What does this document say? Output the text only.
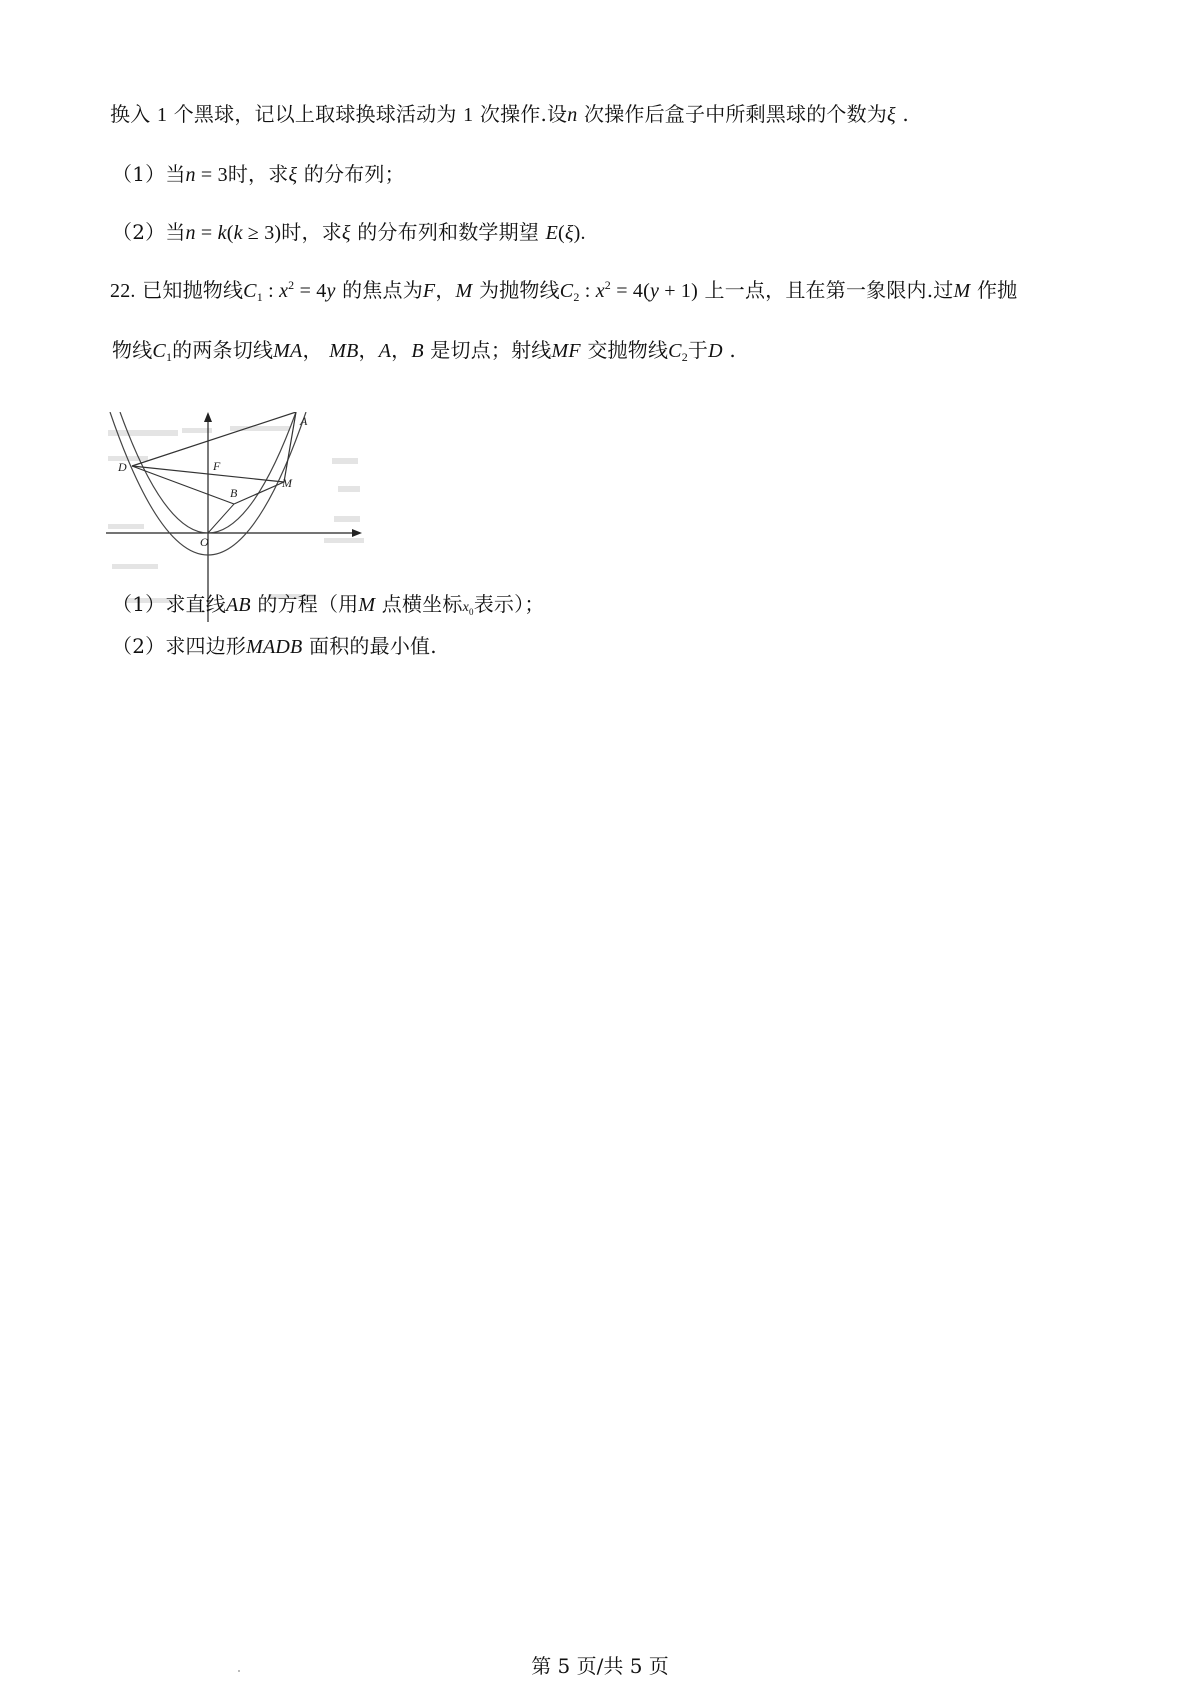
换入 1 个黑球，记以上取球换球活动为 1 次操作.设n 次操作后盒子中所剩黑球的个数为ξ .
（1）当n = 3时，求ξ 的分布列；
（2）当n = k(k ≥ 3)时，求ξ 的分布列和数学期望 E(ξ).
22. 已知抛物线$C_1$ : $x^2 = 4y$ 的焦点为F，M 为抛物线$C_2$ : $x^2 = 4(y + 1)$ 上一点，且在第一象限内.过M 作抛
物线$C_1$的两条切线MA， MB，A，B 是切点；射线MF 交抛物线$C_2$于D .
A
D	F
M
B
O
（1）求直线AB 的方程（用M 点横坐标$x_0$表示）；
（2）求四边形MADB 面积的最小值.
第 5 页/共 5 页
